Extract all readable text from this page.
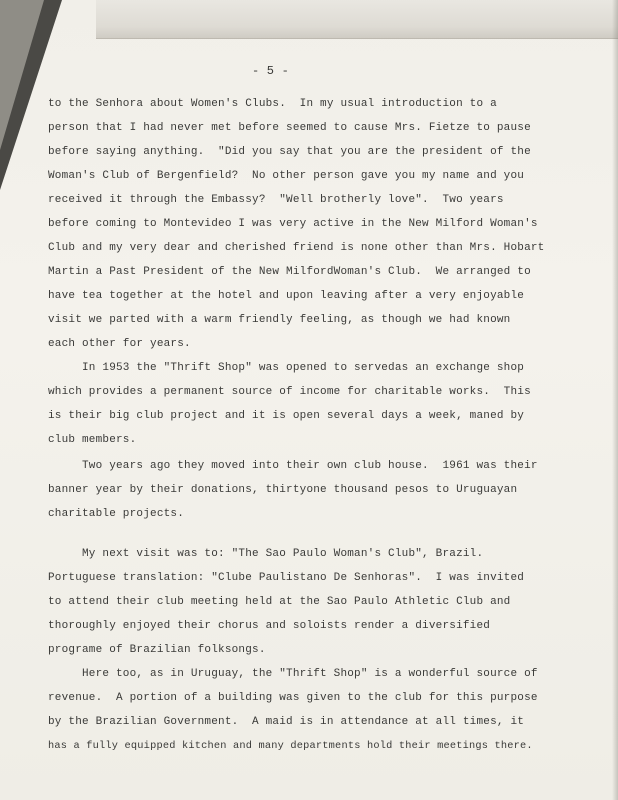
- 5 -
to the Senhora about Women's Clubs.  In my usual introduction to a
person that I had never met before seemed to cause Mrs. Fietze to pause
before saying anything.  "Did you say that you are the president of the
Woman's Club of Bergenfield?  No other person gave you my name and you
received it through the Embassy?  "Well brotherly love".  Two years
before coming to Montevideo I was very active in the New Milford Woman's
Club and my very dear and cherished friend is none other than Mrs. Hobart
Martin a Past President of the New MilfordWoman's Club.  We arranged to
have tea together at the hotel and upon leaving after a very enjoyable
visit we parted with a warm friendly feeling, as though we had known
each other for years.
In 1953 the "Thrift Shop" was opened to servedas an exchange shop
which provides a permanent source of income for charitable works.  This
is their big club project and it is open several days a week, maned by
club members.
Two years ago they moved into their own club house.  1961 was their
banner year by their donations, thirtyone thousand pesos to Uruguayan
charitable projects.
My next visit was to: "The Sao Paulo Woman's Club", Brazil.
Portuguese translation: "Clube Paulistano De Senhoras".  I was invited
to attend their club meeting held at the Sao Paulo Athletic Club and
thoroughly enjoyed their chorus and soloists render a diversified
programe of Brazilian folksongs.
Here too, as in Uruguay, the "Thrift Shop" is a wonderful source of
revenue.  A portion of a building was given to the club for this purpose
by the Brazilian Government.  A maid is in attendance at all times, it
has a fully equipped kitchen and many departments hold their meetings there.
